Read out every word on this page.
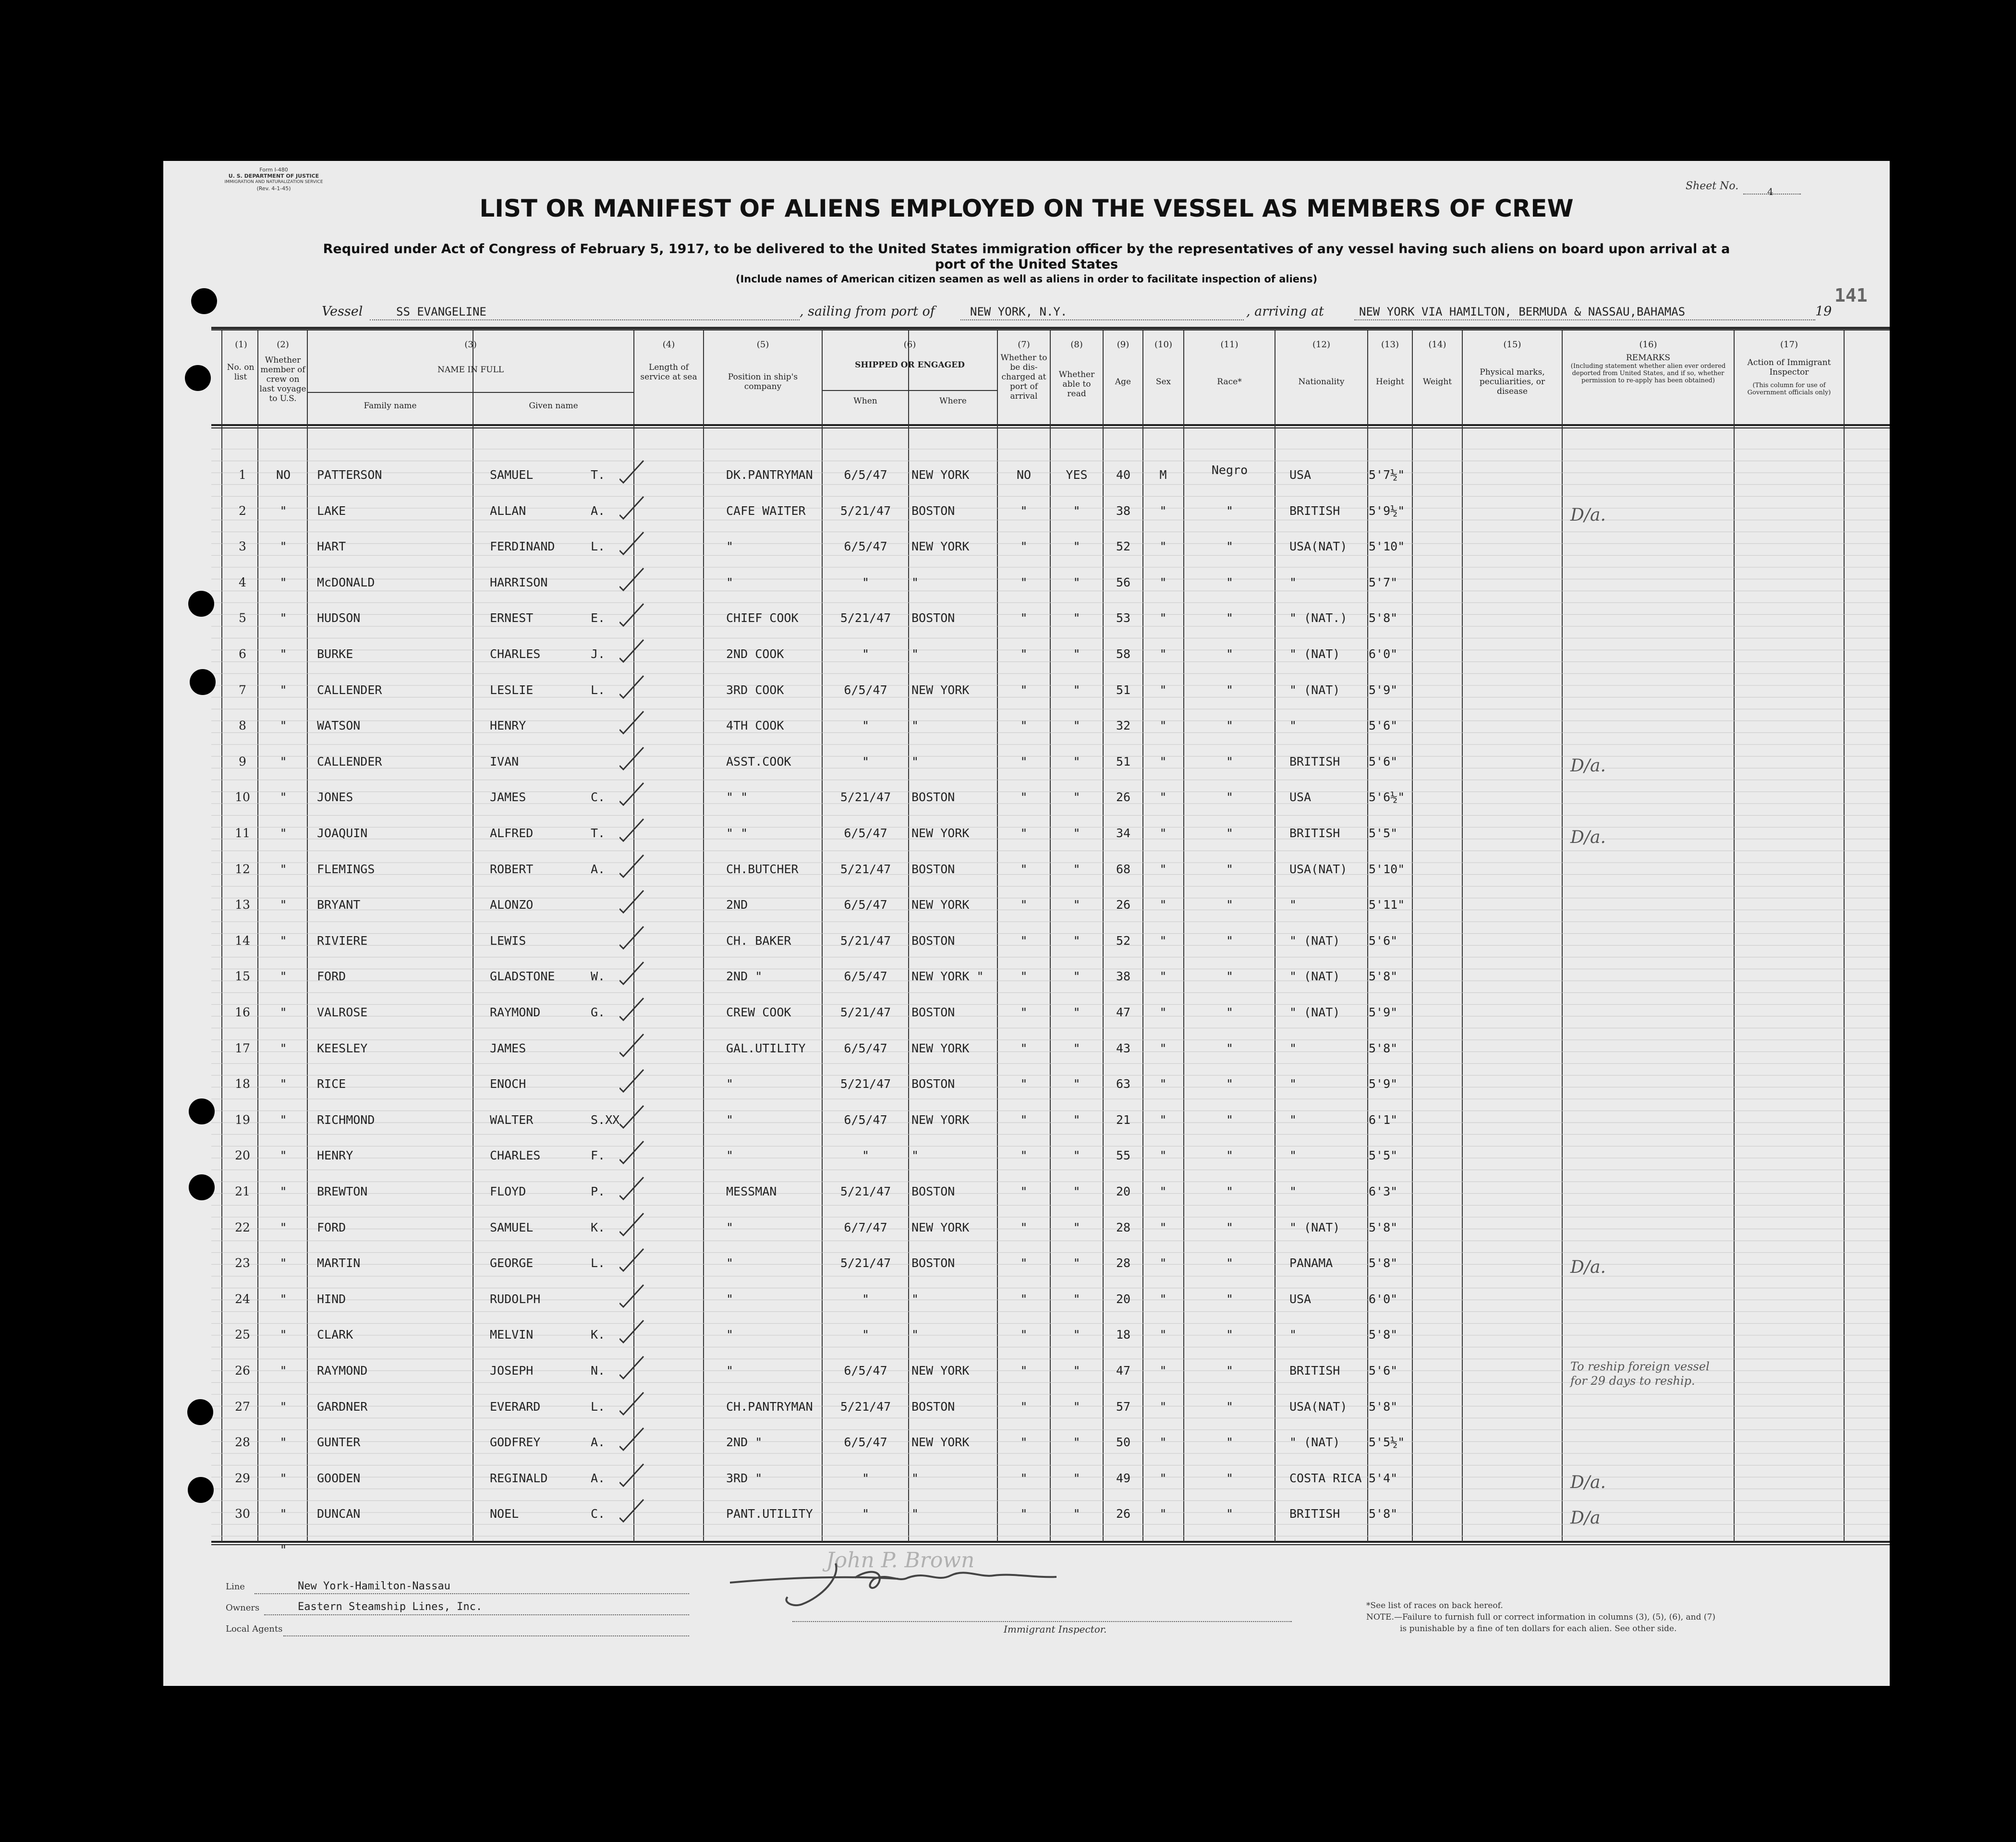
Form I-480
U. S. DEPARTMENT OF JUSTICE
IMMIGRATION AND NATURALIZATION SERVICE
(Rev. 4-1-45)	Sheet No.	4
141
LIST OR MANIFEST OF ALIENS EMPLOYED ON THE VESSEL AS MEMBERS OF CREW
Required under Act of Congress of February 5, 1917, to be delivered to the United States immigration officer by the representatives of any vessel having such aliens on board upon arrival at a
port of the United States
(Include names of American citizen seamen as well as aliens in order to facilitate inspection of aliens)
Vessel	SS EVANGELINE	, sailing from port of	NEW YORK, N.Y.	, arriving at	NEW YORK VIA HAMILTON, BERMUDA & NASSAU,BAHAMAS	19
(1)
No. on list
(2)
Whether member of crew on last voyage to U.S.
(3)
NAME IN FULL
Family name	Given name
(4)
Length of service at sea
(5)
Position in ship's company
(6)
SHIPPED OR ENGAGED
When	Where
(7)
Whether to be dis-charged at port of arrival
(8)
Whether able to read
(9)
Age
(10)
Sex
(11)
Race*
(12)
Nationality
(13)
Height
(14)
Weight
(15)
Physical marks, peculiarities, or disease
(16)
REMARKS
(Including statement whether alien ever ordered deported from United States, and if so, whether permission to re-apply has been obtained)
(17)
Action of Immigrant Inspector
(This column for use of Government officials only)
1	NO	PATTERSON	SAMUEL	T.	DK.PANTRYMAN	6/5/47	NEW YORK	NO	YES	40	M	Negro	USA	5'7½"
2	"	LAKE	ALLAN	A.	CAFE WAITER	5/21/47	BOSTON	"	"	38	"	"	BRITISH	5'9½"	D/a.
3	"	HART	FERDINAND	L.	"	6/5/47	NEW YORK	"	"	52	"	"	USA(NAT)	5'10"
4	"	McDONALD	HARRISON	"	"	"	"	"	56	"	"	"	5'7"
5	"	HUDSON	ERNEST	E.	CHIEF COOK	5/21/47	BOSTON	"	"	53	"	"	" (NAT.)	5'8"
6	"	BURKE	CHARLES	J.	2ND COOK	"	"	"	"	58	"	"	" (NAT)	6'0"
7	"	CALLENDER	LESLIE	L.	3RD COOK	6/5/47	NEW YORK	"	"	51	"	"	" (NAT)	5'9"
8	"	WATSON	HENRY	4TH COOK	"	"	"	"	32	"	"	"	5'6"
9	"	CALLENDER	IVAN	ASST.COOK	"	"	"	"	51	"	"	BRITISH	5'6"	D/a.
10	"	JONES	JAMES	C.	" "	5/21/47	BOSTON	"	"	26	"	"	USA	5'6½"
11	"	JOAQUIN	ALFRED	T.	" "	6/5/47	NEW YORK	"	"	34	"	"	BRITISH	5'5"	D/a.
12	"	FLEMINGS	ROBERT	A.	CH.BUTCHER	5/21/47	BOSTON	"	"	68	"	"	USA(NAT)	5'10"
13	"	BRYANT	ALONZO	2ND	6/5/47	NEW YORK	"	"	26	"	"	"	5'11"
14	"	RIVIERE	LEWIS	CH. BAKER	5/21/47	BOSTON	"	"	52	"	"	" (NAT)	5'6"
15	"	FORD	GLADSTONE	W.	2ND "	6/5/47	NEW YORK "	"	"	38	"	"	" (NAT)	5'8"
16	"	VALROSE	RAYMOND	G.	CREW COOK	5/21/47	BOSTON	"	"	47	"	"	" (NAT)	5'9"
17	"	KEESLEY	JAMES	GAL.UTILITY	6/5/47	NEW YORK	"	"	43	"	"	"	5'8"
18	"	RICE	ENOCH	"	5/21/47	BOSTON	"	"	63	"	"	"	5'9"
19	"	RICHMOND	WALTER	S.XX	"	6/5/47	NEW YORK	"	"	21	"	"	"	6'1"
20	"	HENRY	CHARLES	F.	"	"	"	"	"	55	"	"	"	5'5"
21	"	BREWTON	FLOYD	P.	MESSMAN	5/21/47	BOSTON	"	"	20	"	"	"	6'3"
22	"	FORD	SAMUEL	K.	"	6/7/47	NEW YORK	"	"	28	"	"	" (NAT)	5'8"
23	"	MARTIN	GEORGE	L.	"	5/21/47	BOSTON	"	"	28	"	"	PANAMA	5'8"	D/a.
24	"	HIND	RUDOLPH	"	"	"	"	"	20	"	"	USA	6'0"
25	"	CLARK	MELVIN	K.	"	"	"	"	"	18	"	"	"	5'8"
26	"	RAYMOND	JOSEPH	N.	"	6/5/47	NEW YORK	"	"	47	"	"	BRITISH	5'6"	To reship foreign vessel for 29 days to reship.
27	"	GARDNER	EVERARD	L.	CH.PANTRYMAN	5/21/47	BOSTON	"	"	57	"	"	USA(NAT)	5'8"
28	"	GUNTER	GODFREY	A.	2ND "	6/5/47	NEW YORK	"	"	50	"	"	" (NAT)	5'5½"
29	"	GOODEN	REGINALD	A.	3RD "	"	"	"	"	49	"	"	COSTA RICA 5'4"	D/a.
30	"	DUNCAN	NOEL	C.	PANT.UTILITY	"	"	"	"	26	"	"	BRITISH	5'8"	D/a
"
Line	New York-Hamilton-Nassau
Owners	Eastern Steamship Lines, Inc.
Local Agents
John P. Brown
Immigrant Inspector.
*See list of races on back hereof.
NOTE.—Failure to furnish full or correct information in columns (3), (5), (6), and (7)
is punishable by a fine of ten dollars for each alien. See other side.
